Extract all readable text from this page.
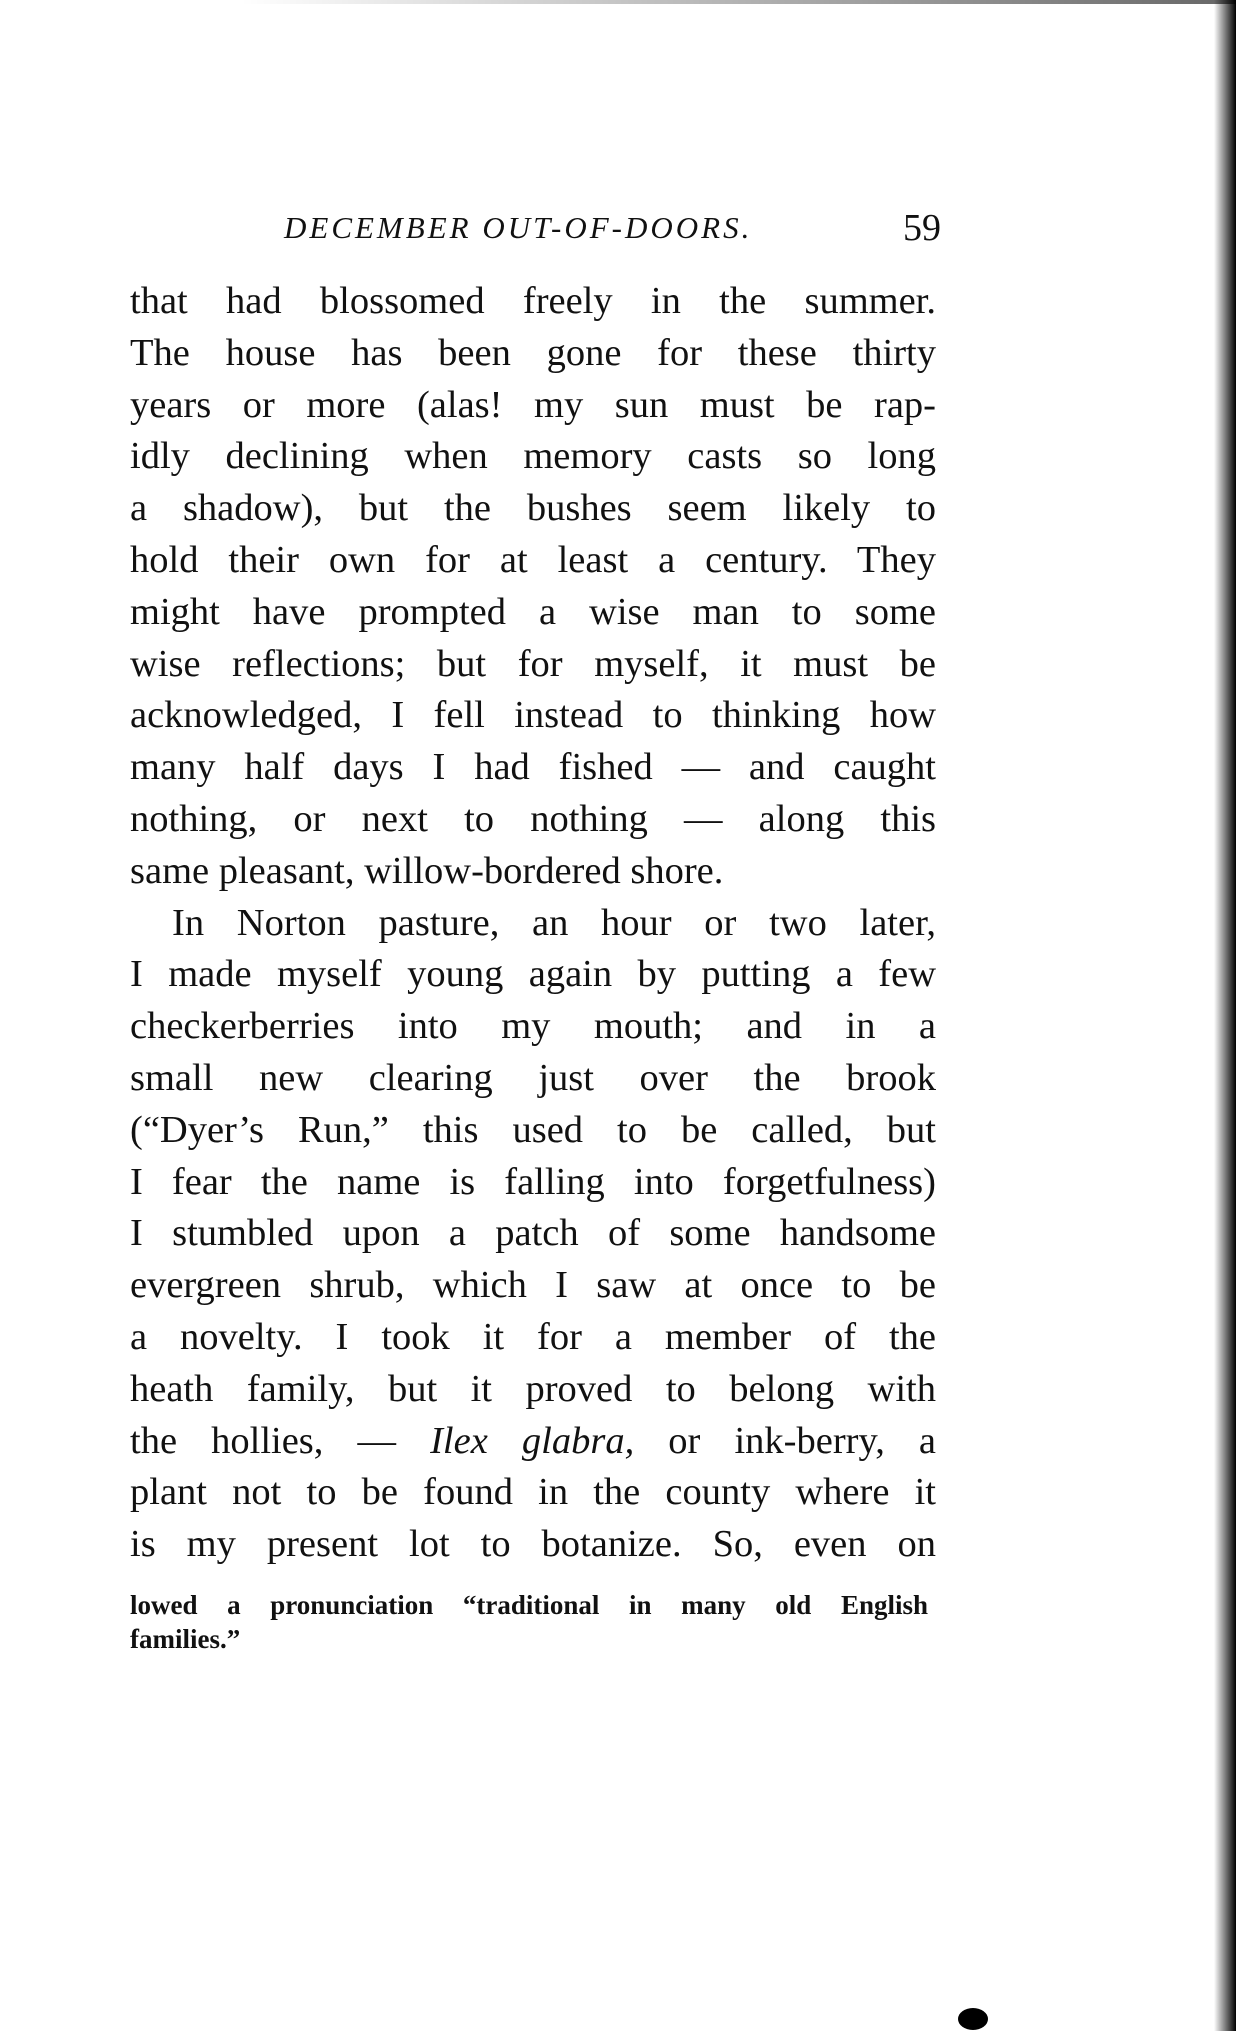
DECEMBER OUT-OF-DOORS.	59
that had blossomed freely in the summer.
The house has been gone for these thirty
years or more (alas! my sun must be rap-
idly declining when memory casts so long
a shadow), but the bushes seem likely to
hold their own for at least a century. They
might have prompted a wise man to some
wise reflections; but for myself, it must be
acknowledged, I fell instead to thinking how
many half days I had fished — and caught
nothing, or next to nothing — along this
same pleasant, willow-bordered shore.
In Norton pasture, an hour or two later,
I made myself young again by putting a few
checkerberries into my mouth; and in a
small new clearing just over the brook
(“Dyer’s Run,” this used to be called, but
I fear the name is falling into forgetfulness)
I stumbled upon a patch of some handsome
evergreen shrub, which I saw at once to be
a novelty. I took it for a member of the
heath family, but it proved to belong with
the hollies, — Ilex glabra, or ink-berry, a
plant not to be found in the county where it
is my present lot to botanize. So, even on
lowed a pronunciation “traditional in many old English
families.”
